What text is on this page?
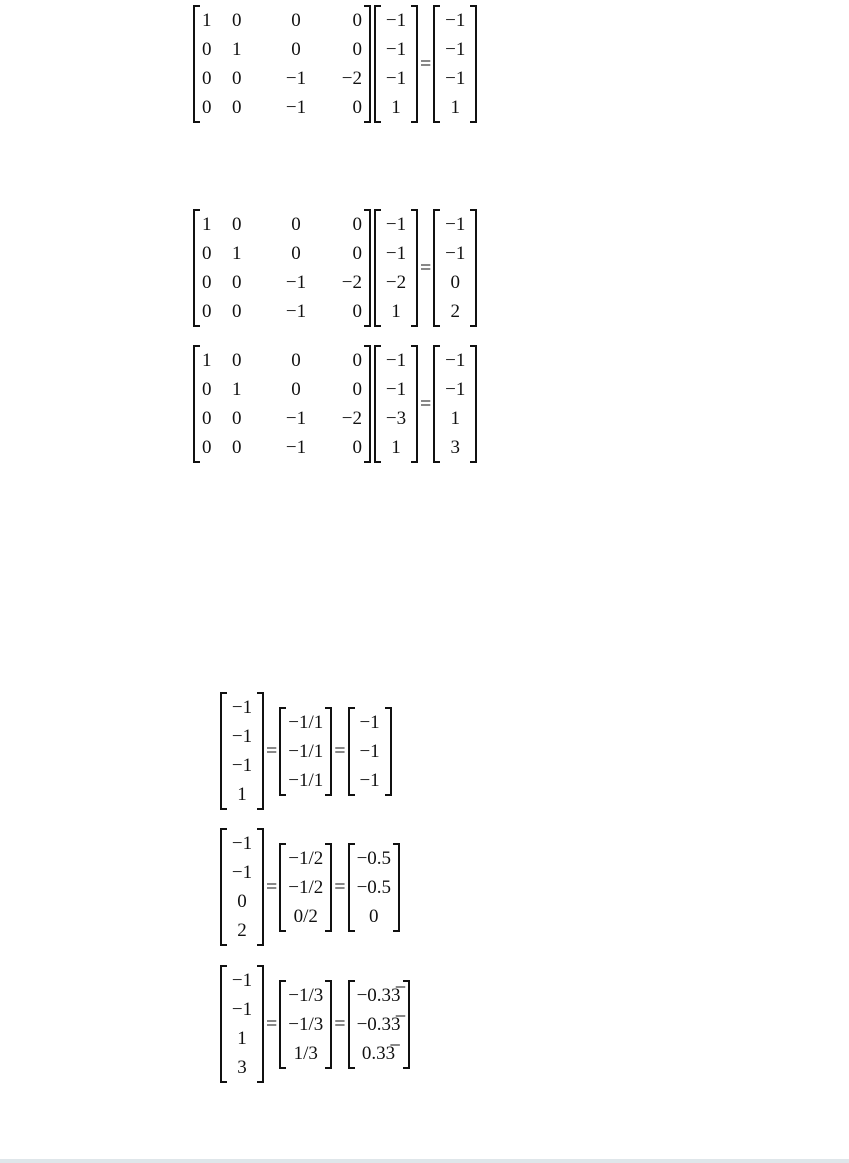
1	0	0	0
0	1	0	0
0	0	−1	−2
0	0	−1	0
−1
−1
−1
1
=
−1
−1
−1
1
1	0	0	0
0	1	0	0
0	0	−1	−2
0	0	−1	0
−1
−1
−2
1
=
−1
−1
0
2
1	0	0	0
0	1	0	0
0	0	−1	−2
0	0	−1	0
−1
−1
−3
1
=
−1
−1
1
3
−1
−1
−1
1
=
−1/1
−1/1
−1/1
=
−1
−1
−1
−1
−1
0
2
=
−1/2
−1/2
0/2
=
−0.5
−0.5
0
−1
−1
1
3
=
−1/3
−1/3
1/3
=
−0.33̅
−0.33̅
0.33̅
